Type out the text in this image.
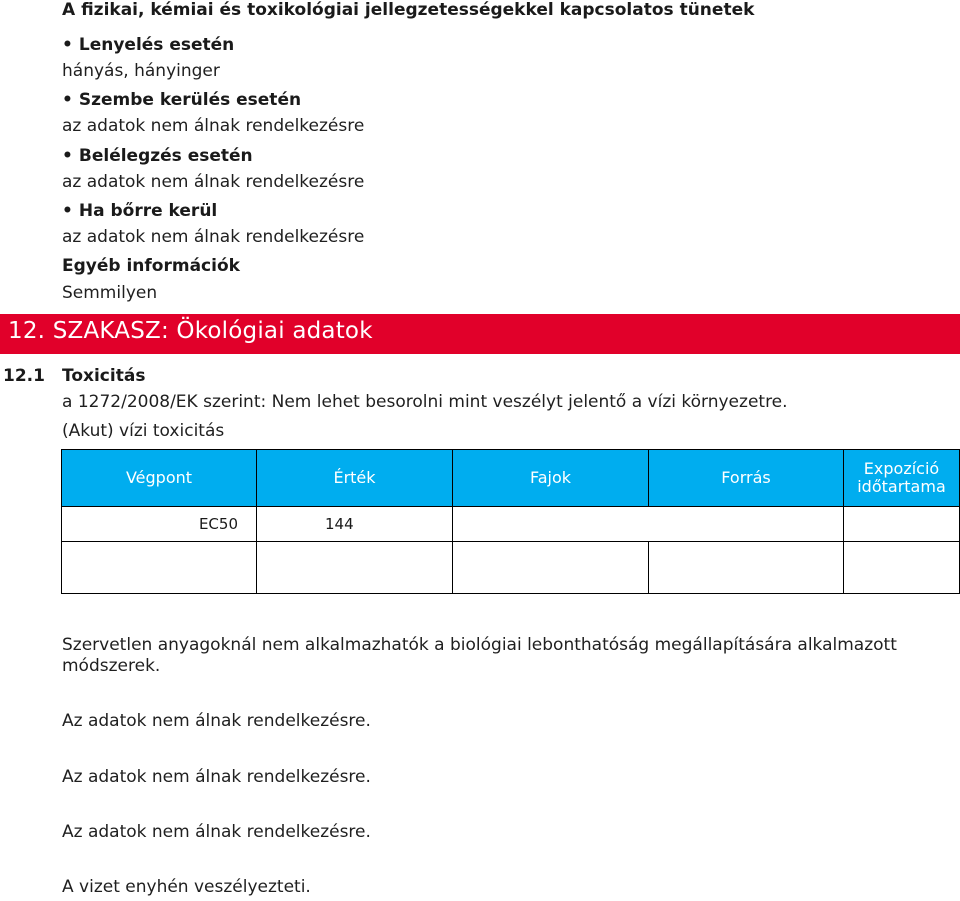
A fizikai, kémiai és toxikológiai jellegzetességekkel kapcsolatos tünetek
• Lenyelés esetén
hányás, hányinger
• Szembe kerülés esetén
az adatok nem álnak rendelkezésre
• Belélegzés esetén
az adatok nem álnak rendelkezésre
• Ha bőrre kerül
az adatok nem álnak rendelkezésre
Egyéb információk
Semmilyen
12. SZAKASZ: Ökológiai adatok
12.1 Toxicitás
a 1272/2008/EK szerint: Nem lehet besorolni mint veszélyt jelentő a vízi környezetre.
(Akut) vízi toxicitás
Végpont	Érték	Fajok	Forrás	Expozíció időtartama
EC50	144			

Szervetlen anyagoknál nem alkalmazhatók a biológiai lebonthatóság megállapítására alkalmazott
módszerek.
Az adatok nem álnak rendelkezésre.
Az adatok nem álnak rendelkezésre.
Az adatok nem álnak rendelkezésre.
A vizet enyhén veszélyezteti.
